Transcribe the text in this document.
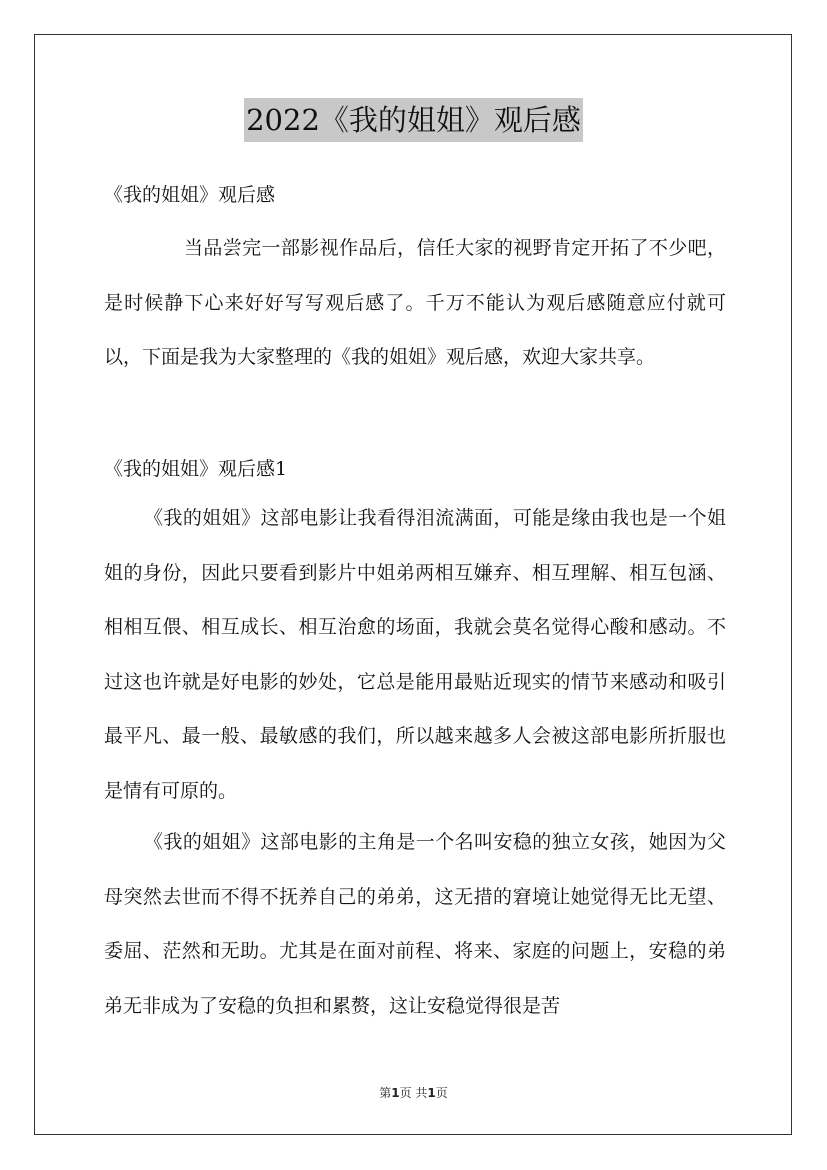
2022《我的姐姐》观后感
《我的姐姐》观后感
当品尝完一部影视作品后，信任大家的视野肯定开拓了不少吧，是时候静下心来好好写写观后感了。千万不能认为观后感随意应付就可以，下面是我为大家整理的《我的姐姐》观后感，欢迎大家共享。
《我的姐姐》观后感1
《我的姐姐》这部电影让我看得泪流满面，可能是缘由我也是一个姐姐的身份，因此只要看到影片中姐弟两相互嫌弃、相互理解、相互包涵、相相互偎、相互成长、相互治愈的场面，我就会莫名觉得心酸和感动。不过这也许就是好电影的妙处，它总是能用最贴近现实的情节来感动和吸引最平凡、最一般、最敏感的我们，所以越来越多人会被这部电影所折服也是情有可原的。
《我的姐姐》这部电影的主角是一个名叫安稳的独立女孩，她因为父母突然去世而不得不抚养自己的弟弟，这无措的窘境让她觉得无比无望、委屈、茫然和无助。尤其是在面对前程、将来、家庭的问题上，安稳的弟弟无非成为了安稳的负担和累赘，这让安稳觉得很是苦
第1页 共1页
